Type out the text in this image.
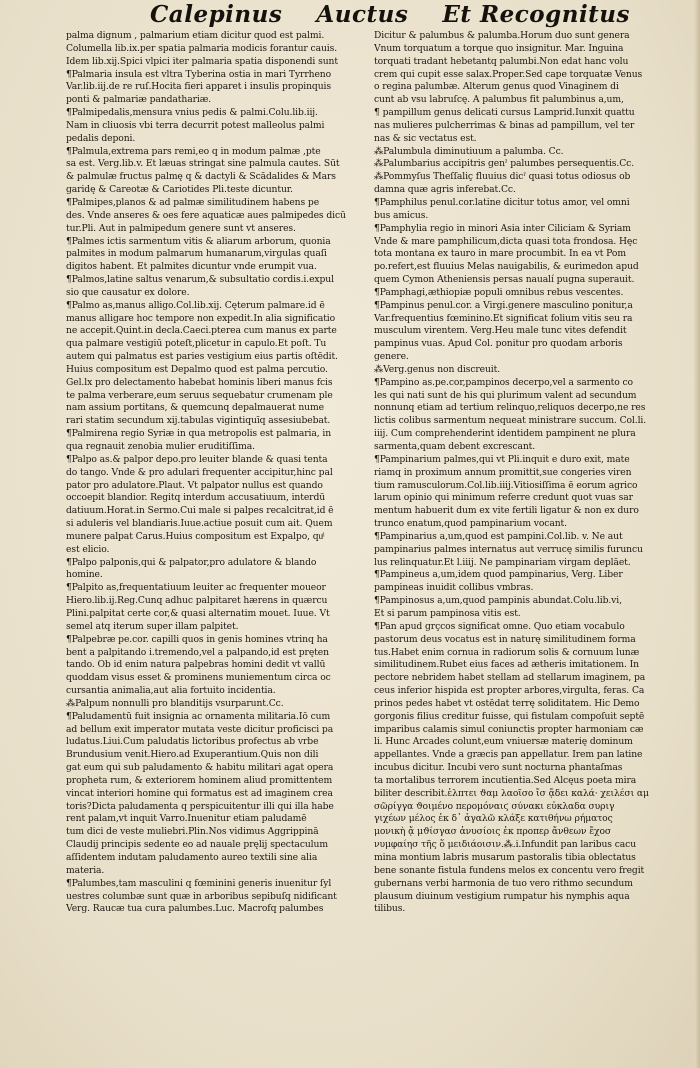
Calepinus Auctus Et Recognitus
palma dignum , palmarium etiam dicitur quod est palmi.
Columella lib.ix.per spatia palmaria modicis forantur cauis.
Idem lib.xij.Spici vlpici iter palmaria spatia disponendi sunt
¶Palmaria insula est vltra Tyberina ostia in mari Tyrrheno
Var.lib.iij.de re ruſ.Hocita fieri apparet i insulis propinquis
ponti & palmariæ pandathariæ.
¶Palmipedalis,mensura vnius pedis & palmi.Colu.lib.iij.
Nam in cliuosis vbi terra decurrit potest malleolus palmi
pedalis deponi.
¶Palmula,extrema pars remi,eo q in modum palmæ ,pte
sa est. Verg.lib.v. Et læuas stringat sine palmula cautes. Sūt
& palmulæ fructus palmę q & dactyli & Scādalides & Mars
garidę & Careotæ & Cariotides Pli.teste dicuntur.
¶Palmipes,planos & ad palmæ similitudinem habens pe
des. Vnde anseres & oes fere aquaticæ aues palmipedes dicū
tur.Pli. Aut in palmipedum genere sunt vt anseres.
¶Palmes ictis sarmentum vitis & aliarum arborum, quonia
palmites in modum palmarum humanarum,virgulas quaſi
digitos habent. Et palmites dicuntur vnde erumpit vua.
¶Palmos,latine saltus venarum,& subsultatio cordis.i.expul
sio que causatur ex dolore.
¶Palmo as,manus alligo.Col.lib.xij. Cęterum palmare.id ē
manus alligare hoc tempore non expedit.In alia significatio
ne accepit.Quint.in decla.Caeci.pterea cum manus ex parte
qua palmare vestigiū poteſt,plicetur in capulo.Et poſt. Tu
autem qui palmatus est paries vestigium eius partis oſtēdit.
Huius compositum est Depalmo quod est palma percutio.
Gel.lx pro delectamento habebat hominis liberi manus fcis
te palma verberare,eum seruus sequebatur crumenam ple
nam assium portitans, & quemcunq depalmauerat nume
rari statim secundum xij.tabulas vigintiquīq assesiubebat.
¶Palmirena regio Syriæ in qua metropolis est palmaria, in
qua regnauit zenobia mulier eruditiſſima.
¶Palpo as.& palpor depo.pro leuiter blande & quasi tenta
do tango. Vnde & pro adulari frequenter accipitur,hinc pal
pator pro adulatore.Plaut. Vt palpator nullus est quando
occoepit blandior. Regitq interdum accusatiuum, interdū
datiuum.Horat.in Sermo.Cui male si palpes recalcitrat,id ē
si aduleris vel blandiaris.Iuue.actiue posuit cum ait. Quem
munere palpat Carus.Huius compositum est Expalpo, quͩ
est elicio.
¶Palpo palponis,qui & palpator,pro adulatore & blando
homine.
¶Palpito as,frequentatiuum leuiter ac frequenter moueor
Hiero.lib.ij.Reg.Cunq adhuc palpitaret hærens in quærcu
Plini.palpitat certe cor,& quasi alternatim mouet. Iuue. Vt
semel atq iterum super illam palpitet.
¶Palpebræ pe.cor. capilli quos in genis homines vtrinq ha
bent a palpitando i.tremendo,vel a palpando,id est pręten
tando. Ob id enim natura palpebras homini dedit vt vallū
quoddam visus esset & prominens muniementum circa oc
cursantia animalia,aut alia fortuito incidentia.
⁂Palpum nonnulli pro blanditijs vsurparunt.Cc.
¶Paludamentū fuit insignia ac ornamenta militaria.Iō cum
ad bellum exit imperator mutata veste dicitur proficisci pa
ludatus.Liui.Cum paludatis lictoribus profectus ab vrbe
Brundusium venit.Hiero.ad Exuperantium.Quis non dili
gat eum qui sub paludamento & habitu militari agat opera
propheta rum, & exteriorem hominem aliud promittentem
vincat interiori homine qui formatus est ad imaginem crea
toris?Dicta paludamenta q perspicuitentur illi qui illa habe
rent palam,vt inquit Varro.Inuenitur etiam paludamē
tum dici de veste muliebri.Plin.Nos vidimus Aggrippinā
Claudij principis sedente eo ad nauale pręlij spectaculum
aſſidentem indutam paludamento aureo textili sine alia
materia.
¶Palumbes,tam masculini q fœminini generis inuenitur ſyl
uestres columbæ sunt quæ in arboribus sepibuſq nidificant
Verg. Raucæ tua cura palumbes.Luc. Macrofq palumbes
Dicitur & palumbus & palumba.Horum duo sunt genera
Vnum torquatum a torque quo insignitur. Mar. Inguina
torquati tradant hebetantq palumbi.Non edat hanc volu
crem qui cupit esse salax.Proper.Sed cape torquatæ Venus
o regina palumbæ. Alterum genus quod Vinaginem di
cunt ab vsu labruſcę. A palumbus fit palumbinus a,um,
¶ pampillum genus delicati cursus Lamprid.Iunxit quattu
nas mulieres pulcherrimas & binas ad pampillum, vel ter
nas & sic vectatus est.
⁂Palumbula diminutiuum a palumba. Cc.
⁂Palumbarius accipitris genˀ palumbes persequentis.Cc.
⁂Pommyſus Theſſaliç fluuius dicˀ quasi totus odiosus ob
damna quæ agris inferebat.Cc.
¶Pamphilus penul.cor.latine dicitur totus amor, vel omni
bus amicus.
¶Pamphylia regio in minori Asia inter Ciliciam & Syriam
Vnde & mare pamphilicum,dicta quasi tota frondosa. Hęc
tota montana ex tauro in mare procumbit. In ea vt Pom
po.refert,est fluuius Melas nauigabilis, & eurimedon apud
quem Cymon Atheniensis persas naualí pugna superauit.
¶Pamphagi,æthiopiæ populi omnibus rebus vescentes.
¶Pampinus penul.cor. a Virgi.genere masculino ponitur,a
Var.frequentius fœminino.Et significat folium vitis seu ra
musculum virentem. Verg.Heu male tunc vites defendit
pampinus vuas. Apud Col. ponitur pro quodam arboris
genere.
⁂Verg.genus non discreuit.
¶Pampino as.pe.cor,pampinos decerpo,vel a sarmento co
les qui nati sunt de his qui plurimum valent ad secundum
nonnunq etiam ad tertium relinquo,reliquos decerpo,ne res
lictis colibus sarmentum nequeat ministrare succum. Col.li.
iiij. Cum comprehenderint identidem pampinent ne plura
sarmenta,quam debent excrescant.
¶Pampinarium palmes,qui vt Pli.inquit e duro exit, mate
riamq in proximum annum promittit,sue congeries viren
tium ramusculorum.Col.lib.iiij.Vitiosiſſima ē eorum agrico
larum opinio qui minimum referre credunt quot vuas sar
mentum habuerit dum ex vite fertili ligatur & non ex duro
trunco enatum,quod pampinarium vocant.
¶Pampinarius a,um,quod est pampini.Col.lib. v. Ne aut
pampinarius palmes internatus aut verrucę similis furuncu
lus relinquatur.Et l.iiij. Ne pampinariam virgam deplāet.
¶Pampineus a,um,idem quod pampinarius, Verg. Liber
pampineas inuidit collibus vmbras.
¶Pampinosus a,um,quod pampinis abundat.Colu.lib.vi,
Et si parum pampinosa vitis est.
¶Pan apud grçcos significat omne. Quo etiam vocabulo
pastorum deus vocatus est in naturę similitudinem forma
tus.Habet enim cornua in radiorum solis & cornuum lunæ
similitudinem.Rubet eius faces ad ætheris imitationem. In
pectore nebridem habet stellam ad stellarum imaginem, pa
ceus inferior hispida est propter arbores,virgulta, feras. Ca
prinos pedes habet vt ostēdat terrę soliditatem. Hic Demo
gorgonis filius creditur fuisse, qui fistulam compoſuit septē
imparibus calamis simul coniunctis propter harmoniam cæ
li. Hunc Arcades colunt,eum vniuersæ materię dominum
appellantes. Vnde a græcis pan appellatur. Irem pan latine
incubus dicitur. Incubi vero sunt nocturna phantaſmas
ta mortalibus terrorem incutientia.Sed Alcęus poeta mira
biliter describit.ἐλπτει ϑαμ λαοῖσο ἴσ ᾄδει καλά· χειλέσι αμ
σῶρίγγα ϑοιμένο περομόναιϛ σύνακι εὐκλαδα συριγ
γιχέων μέλος ἐκ δ᾽ ἀγαλῶ κλάξε κατιθήνω ρήματος
μονικὴ ᾄ μϑίσγασ ἀνυσίοις ἐκ προπερ ἄνθεων ἔχοσ
νυμφαίησ τῆς ὅ μειδιάοισιν.⁂.i.Infundit pan laribus cacu
mina montium labris musarum pastoralis tibia oblectatus
bene sonante fistula fundens melos ex concentu vero fregit
gubernans verbi harmonia de tuo vero rithmo secundum
plausum diuinum vestigium rumpatur his nymphis aqua
tilibus.
